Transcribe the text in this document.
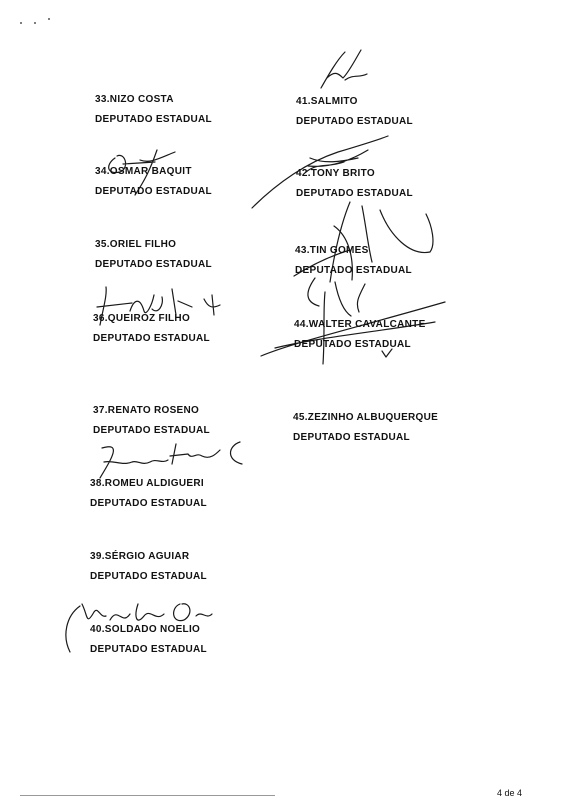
33.NIZO COSTA
DEPUTADO ESTADUAL
34.OSMAR BAQUIT
DEPUTADO ESTADUAL
35.ORIEL FILHO
DEPUTADO ESTADUAL
36.QUEIROZ FILHO
DEPUTADO ESTADUAL
37.RENATO ROSENO
DEPUTADO ESTADUAL
38.ROMEU ALDIGUERI
DEPUTADO ESTADUAL
39.SÉRGIO AGUIAR
DEPUTADO ESTADUAL
40.SOLDADO NOELIO
DEPUTADO ESTADUAL
41.SALMITO
DEPUTADO ESTADUAL
42.TONY BRITO
DEPUTADO ESTADUAL
43.TIN GOMES
DEPUTADO ESTADUAL
44.WALTER CAVALCANTE
DEPUTADO ESTADUAL
45.ZEZINHO ALBUQUERQUE
DEPUTADO ESTADUAL
4 de 4
